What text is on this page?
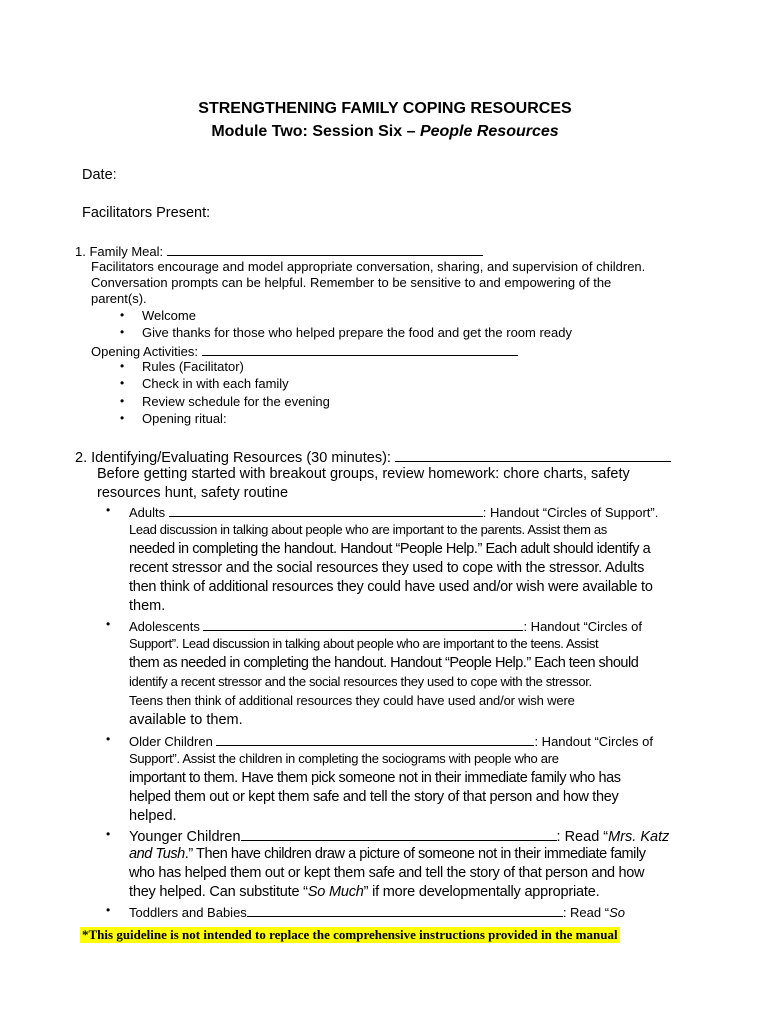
STRENGTHENING FAMILY COPING RESOURCES
Module Two: Session Six – People Resources
Date:
Facilitators Present:
1. Family Meal:
Facilitators encourage and model appropriate conversation, sharing, and supervision of children.
Conversation prompts can be helpful. Remember to be sensitive to and empowering of the
parent(s).
• Welcome
• Give thanks for those who helped prepare the food and get the room ready
Opening Activities:
• Rules (Facilitator)
• Check in with each family
• Review schedule for the evening
• Opening ritual:
2. Identifying/Evaluating Resources (30 minutes):
Before getting started with breakout groups, review homework: chore charts, safety
resources hunt, safety routine
• Adults	: Handout “Circles of Support”.
Lead discussion in talking about people who are important to the parents. Assist them as
needed in completing the handout. Handout “People Help.” Each adult should identify a
recent stressor and the social resources they used to cope with the stressor. Adults
then think of additional resources they could have used and/or wish were available to
them.
• Adolescents	: Handout “Circles of
Support”. Lead discussion in talking about people who are important to the teens. Assist
them as needed in completing the handout. Handout “People Help.” Each teen should
identify a recent stressor and the social resources they used to cope with the stressor.
Teens then think of additional resources they could have used and/or wish were
available to them.
• Older Children	: Handout “Circles of
Support”. Assist the children in completing the sociograms with people who are
important to them. Have them pick someone not in their immediate family who has
helped them out or kept them safe and tell the story of that person and how they
helped.
• Younger Children	: Read “Mrs. Katz
and Tush.” Then have children draw a picture of someone not in their immediate family
who has helped them out or kept them safe and tell the story of that person and how
they helped. Can substitute “So Much” if more developmentally appropriate.
• Toddlers and Babies	: Read “So
*This guideline is not intended to replace the comprehensive instructions provided in the manual
